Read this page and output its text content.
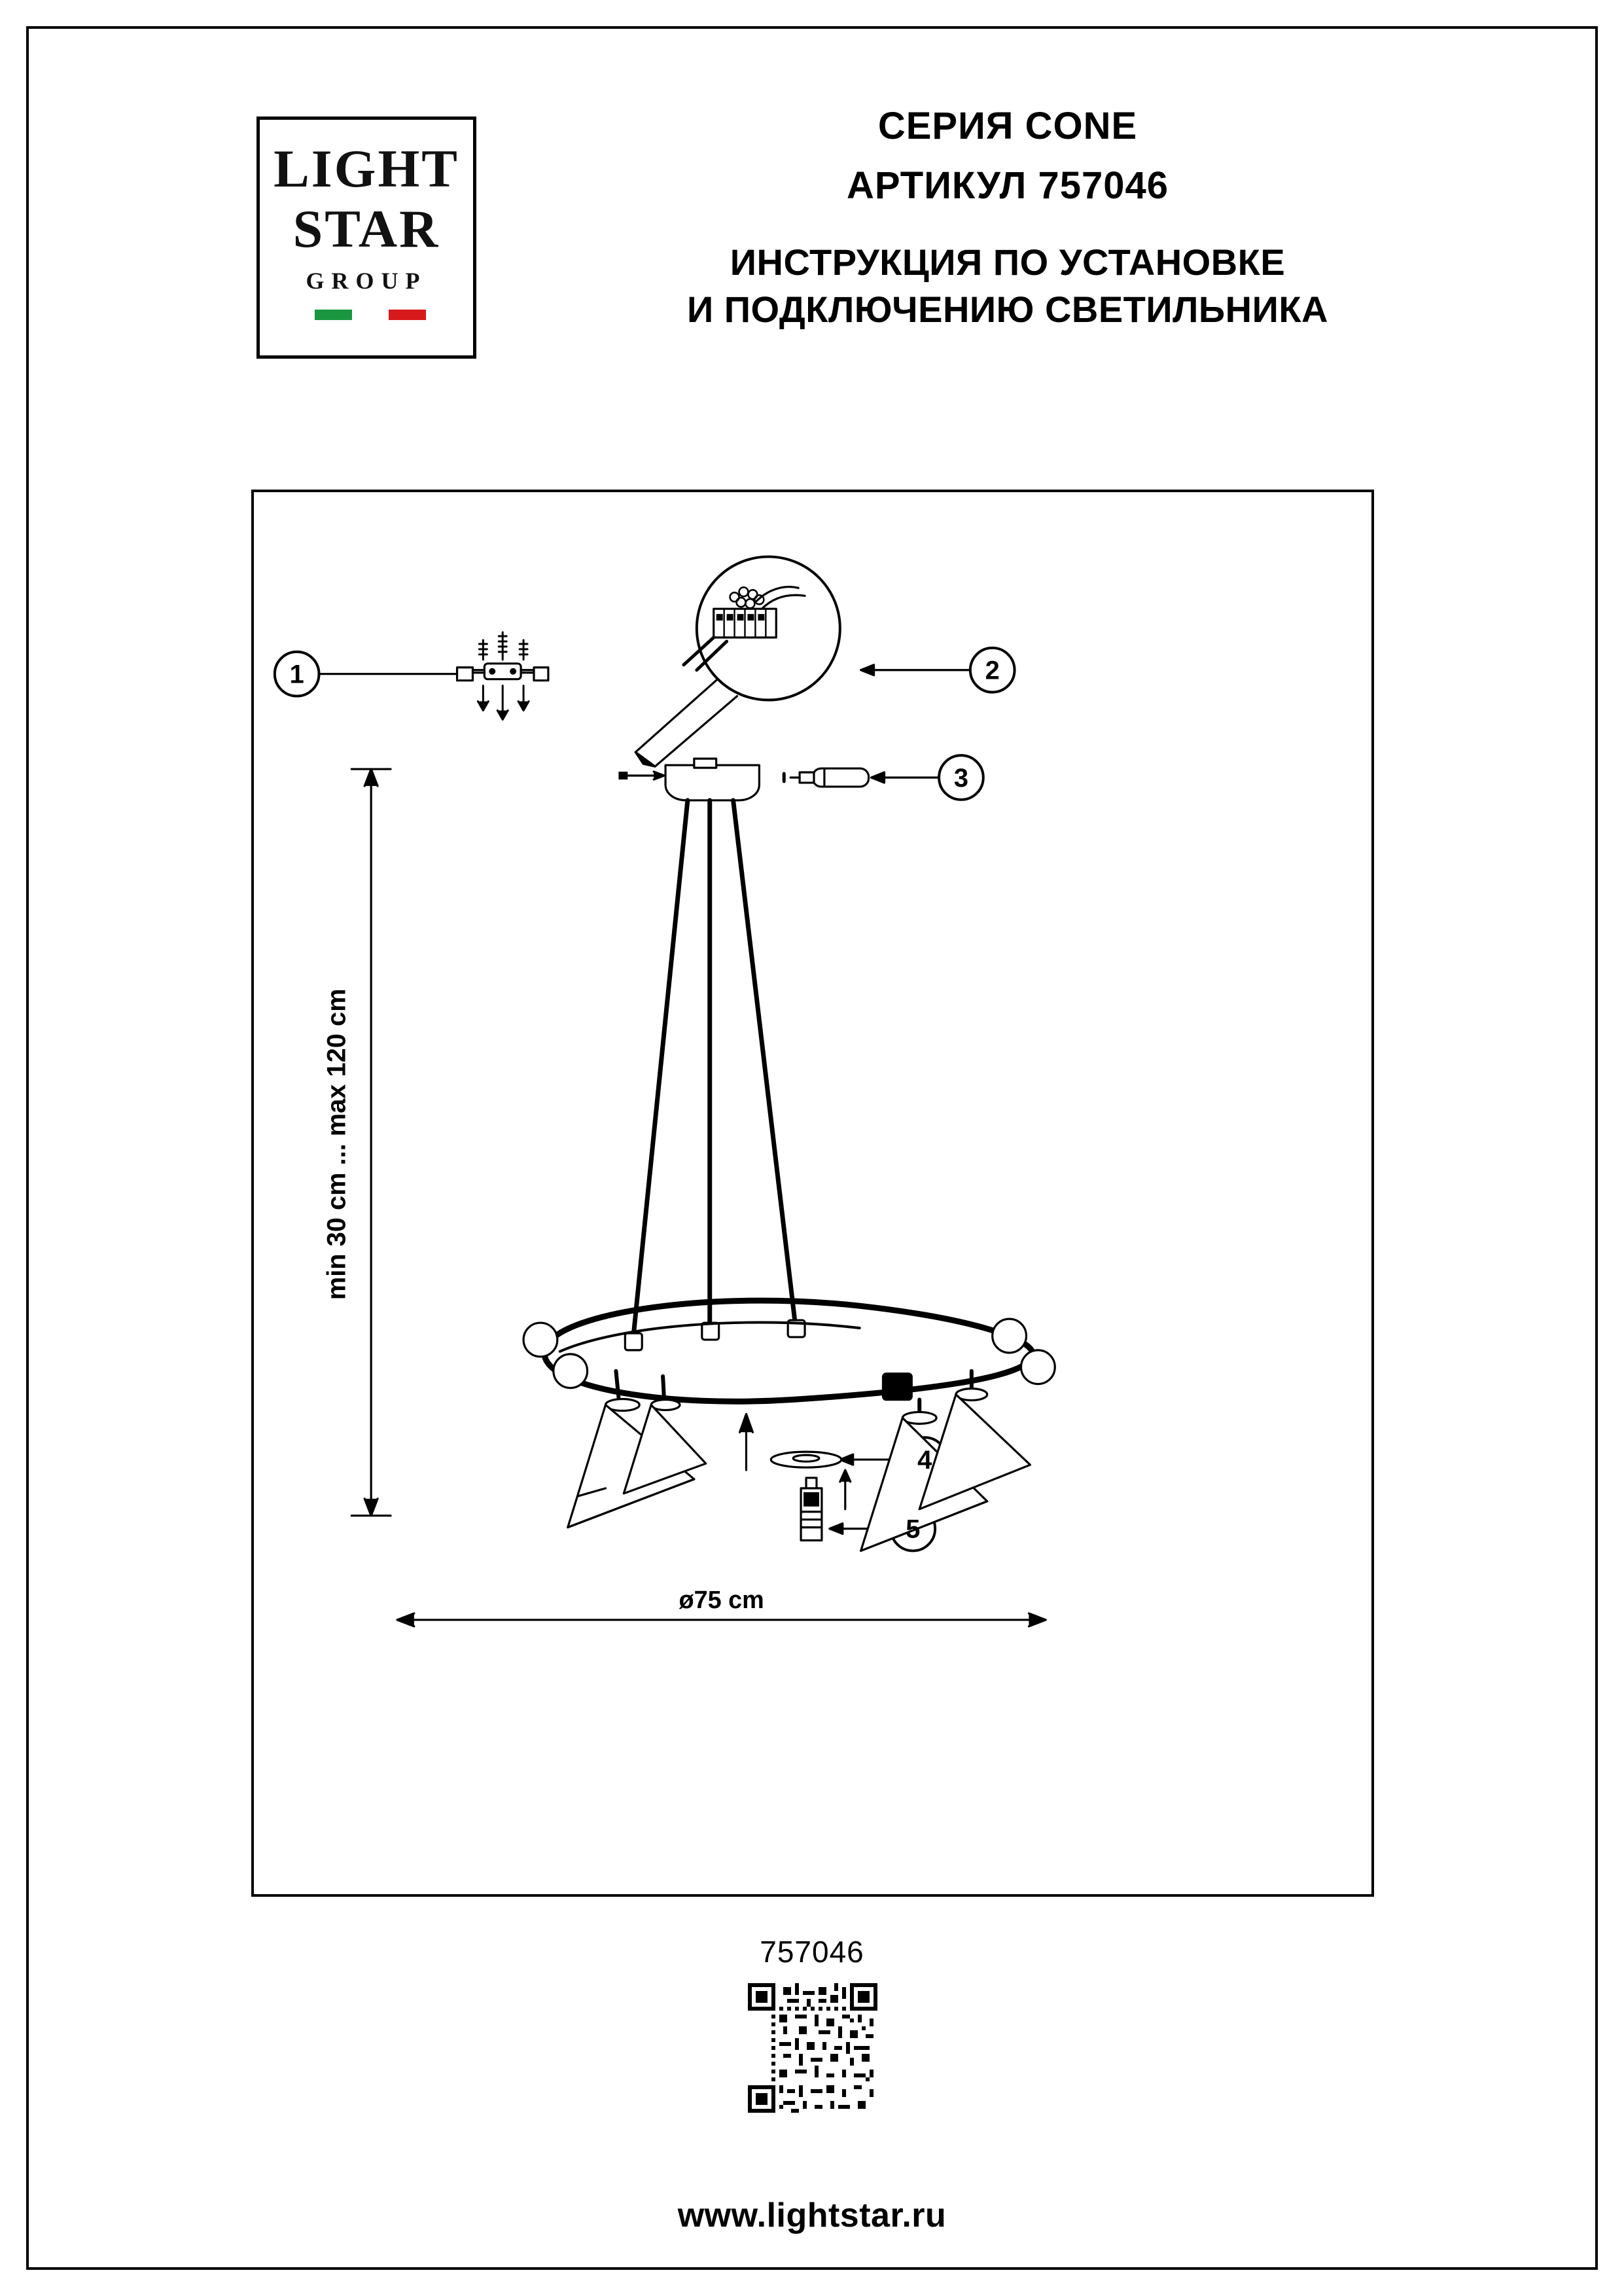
LIGHT
STAR
GROUP
СЕРИЯ CONE
АРТИКУЛ 757046
ИНСТРУКЦИЯ ПО УСТАНОВКЕ
И ПОДКЛЮЧЕНИЮ СВЕТИЛЬНИКА
1	2
3
4
5
min 30 cm ... max 120 cm
ø75 cm
757046
www.lightstar.ru
